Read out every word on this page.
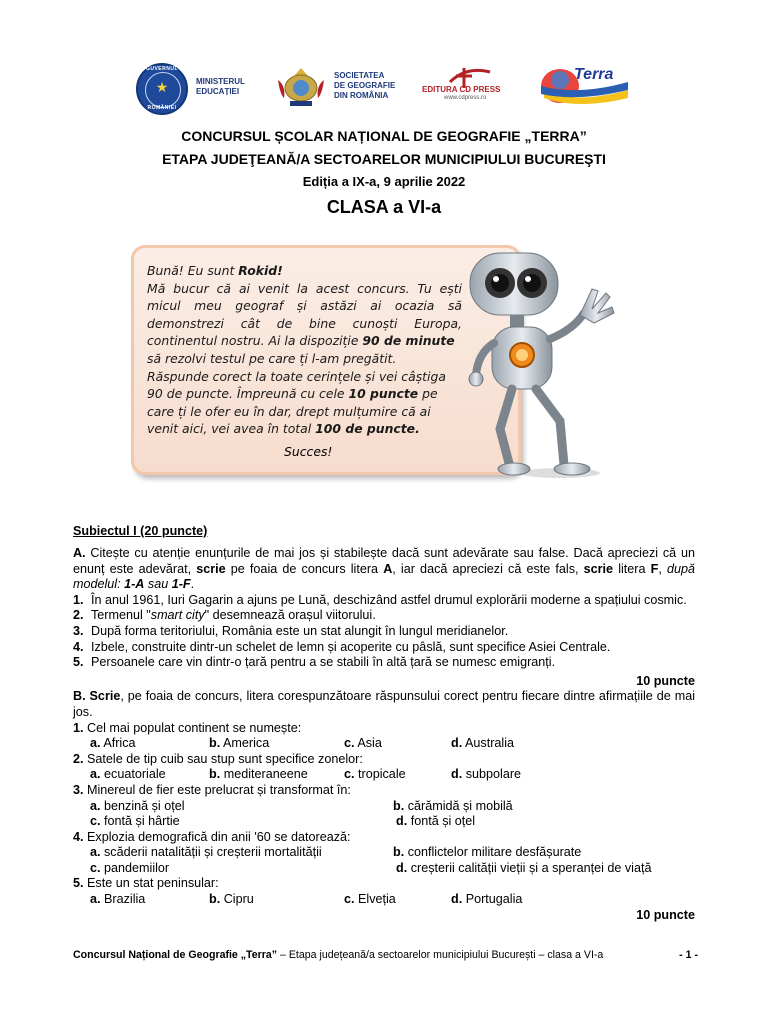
GUVERNUL
★
ROMÂNIEI
MINISTERUL
EDUCAȚIEI
SOCIETATEA
DE GEOGRAFIE
DIN ROMÂNIA
EDITURA CD PRESS
www.cdpress.ro
Terra
CONCURSUL ȘCOLAR NAȚIONAL DE GEOGRAFIE „TERRA”
ETAPA JUDEŢEANĂ/A SECTOARELOR MUNICIPIULUI BUCUREŞTI
Ediția a IX-a, 9 aprilie 2022
CLASA a VI-a
Bună! Eu sunt Rokid!
Mă bucur că ai venit la acest concurs. Tu ești
micul meu geograf și astăzi ai ocazia să
demonstrezi cât de bine cunoști Europa,
continentul nostru. Ai la dispoziție 90 de minute
să rezolvi testul pe care ți l-am pregătit.
Răspunde corect la toate cerințele și vei câștiga
90 de puncte. Împreună cu cele 10 puncte pe
care ți le ofer eu în dar, drept mulțumire că ai
venit aici, vei avea în total 100 de puncte.
Succes!
Subiectul I (20 puncte)
A. Citește cu atenție enunțurile de mai jos și stabilește dacă sunt adevărate sau false. Dacă apreciezi că un enunț este adevărat, scrie pe foaia de concurs litera A, iar dacă apreciezi că este fals, scrie litera F, după modelul: 1-A sau 1-F.
1. În anul 1961, Iuri Gagarin a ajuns pe Lună, deschizând astfel drumul explorării moderne a spațiului cosmic.
2. Termenul "smart city" desemnează orașul viitorului.
3. După forma teritoriului, România este un stat alungit în lungul meridianelor.
4. Izbele, construite dintr-un schelet de lemn și acoperite cu pâslă, sunt specifice Asiei Centrale.
5. Persoanele care vin dintr-o țară pentru a se stabili în altă țară se numesc emigranți.
10 puncte
B. Scrie, pe foaia de concurs, litera corespunzătoare răspunsului corect pentru fiecare dintre afirmațiile de mai jos.
1. Cel mai populat continent se numește:
a. Africa	b. America	c. Asia	d. Australia
2. Satele de tip cuib sau stup sunt specifice zonelor:
a. ecuatoriale	b. mediteraneene	c. tropicale	d. subpolare
3. Minereul de fier este prelucrat și transformat în:
a. benzină și oțel	b. cărămidă și mobilă
c. fontă și hârtie	d. fontă și oțel
4. Explozia demografică din anii '60 se datorează:
a. scăderii natalității și creșterii mortalității	b. conflictelor militare desfășurate
c. pandemiilor	d. creșterii calității vieții și a speranței de viață
5. Este un stat peninsular:
a. Brazilia	b. Cipru	c. Elveția	d. Portugalia
10 puncte
Concursul Național de Geografie „Terra” – Etapa județeană/a sectoarelor municipiului București – clasa a VI-a	- 1 -
